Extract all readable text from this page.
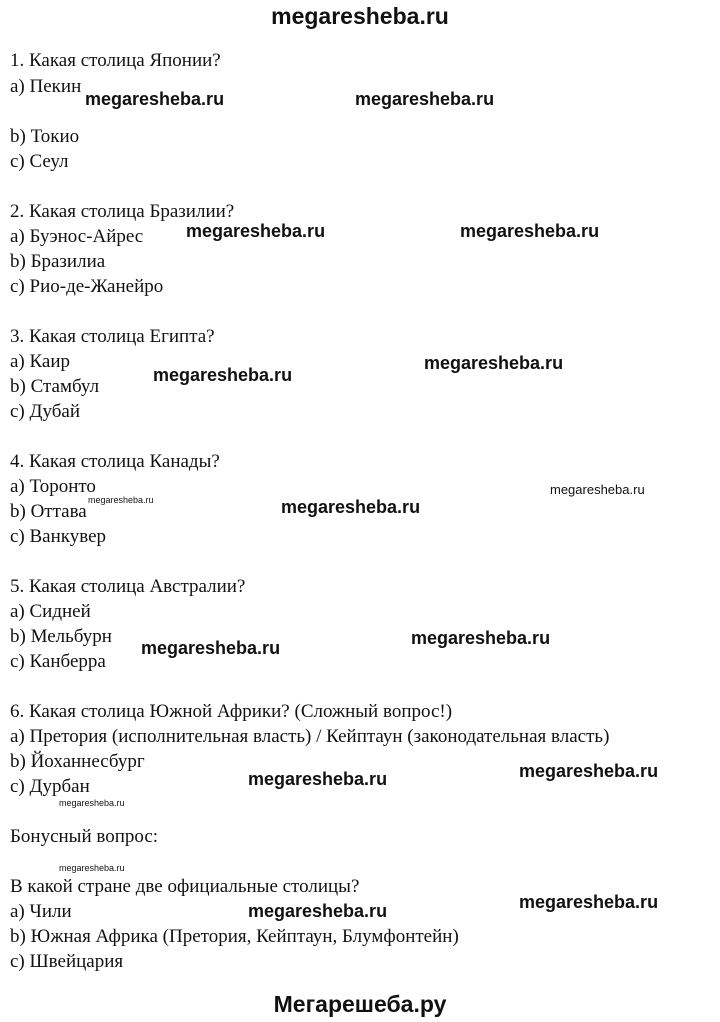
megaresheba.ru
1. Какая столица Японии?
a) Пекин
b) Токио
c) Сеул
2. Какая столица Бразилии?
a) Буэнос-Айрес
b) Бразилиа
c) Рио-де-Жанейро
3. Какая столица Египта?
a) Каир
b) Стамбул
c) Дубай
4. Какая столица Канады?
a) Торонто
b) Оттава
c) Ванкувер
5. Какая столица Австралии?
a) Сидней
b) Мельбурн
c) Канберра
6. Какая столица Южной Африки? (Сложный вопрос!)
a) Претория (исполнительная власть) / Кейптаун (законодательная власть)
b) Йоханнесбург
c) Дурбан
Бонусный вопрос:
В какой стране две официальные столицы?
a) Чили
b) Южная Африка (Претория, Кейптаун, Блумфонтейн)
c) Швейцария
megaresheba.ru	megaresheba.ru
megaresheba.ru	megaresheba.ru
megaresheba.ru
megaresheba.ru
megaresheba.ru	megaresheba.ru
megaresheba.ru
megaresheba.ru	megaresheba.ru
megaresheba.ru	megaresheba.ru
megaresheba.ru
megaresheba.ru
megaresheba.ru	megaresheba.ru
Мегарешеба.ру
